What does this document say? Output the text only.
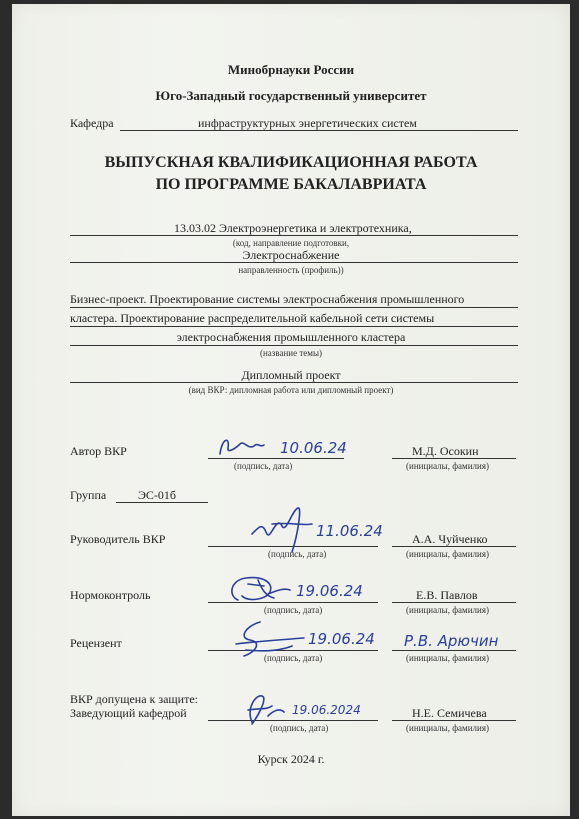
Минобрнауки России
Юго-Западный государственный университет
Кафедра	инфраструктурных энергетических систем
ВЫПУСКНАЯ КВАЛИФИКАЦИОННАЯ РАБОТА
ПО ПРОГРАММЕ БАКАЛАВРИАТА
13.03.02 Электроэнергетика и электротехника,
(код, направление подготовки,
Электроснабжение
направленность (профиль))
Бизнес-проект. Проектирование системы электроснабжения промышленного
кластера. Проектирование распределительной кабельной сети системы
электроснабжения промышленного кластера
(название темы)
Дипломный проект
(вид ВКР: дипломная работа или дипломный проект)
Автор ВКР	10.06.24
(подпись, дата)
М.Д. Осокин
(инициалы, фамилия)
Группа	ЭС-01б
Руководитель ВКР	11.06.24
(подпись, дата)
А.А. Чуйченко
(инициалы, фамилия)
Нормоконтроль	19.06.24
(подпись, дата)
Е.В. Павлов
(инициалы, фамилия)
Рецензент	19.06.24
(подпись, дата)
Р.В. Арючин
(инициалы, фамилия)
ВКР допущена к защите:
Заведующий кафедрой	19.06.2024
(подпись, дата)
Н.Е. Семичева
(инициалы, фамилия)
Курск 2024 г.
